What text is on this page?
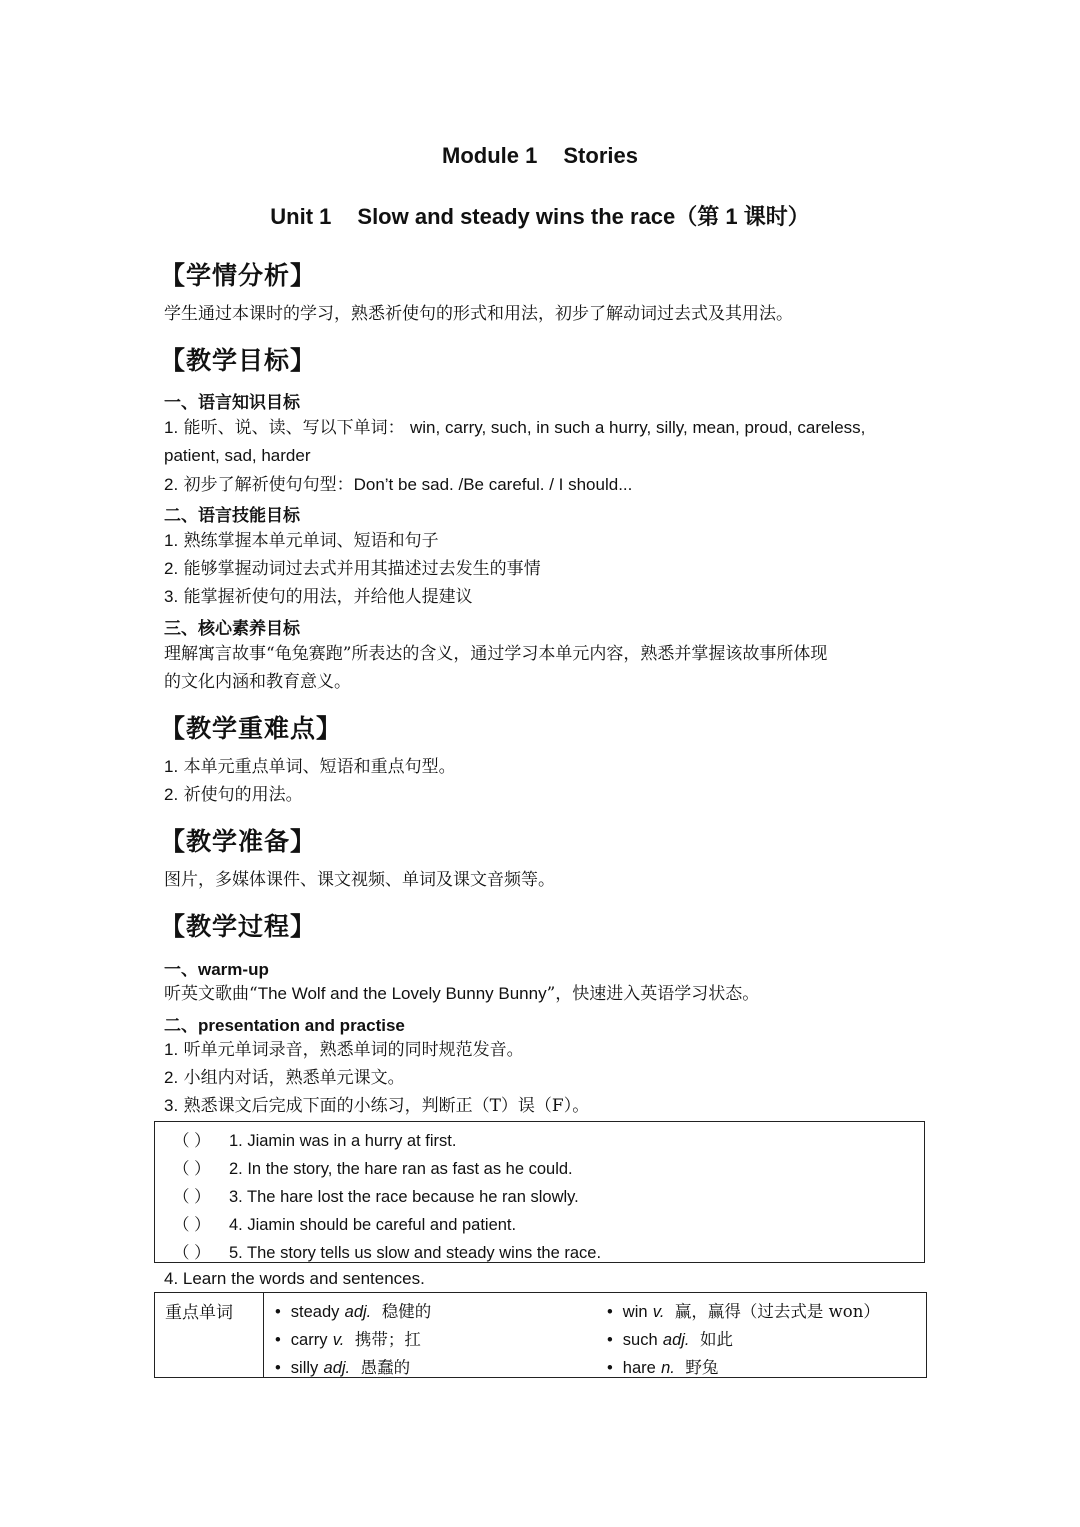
Module 1 Stories
Unit 1 Slow and steady wins the race（第 1 课时）
【学情分析】
学生通过本课时的学习，熟悉祈使句的形式和用法，初步了解动词过去式及其用法。
【教学目标】
一、语言知识目标
1. 能听、说、读、写以下单词： win, carry, such, in such a hurry, silly, mean, proud, careless,
patient, sad, harder
2. 初步了解祈使句句型：Don’t be sad. /Be careful. / I should...
二、语言技能目标
1. 熟练掌握本单元单词、短语和句子
2. 能够掌握动词过去式并用其描述过去发生的事情
3. 能掌握祈使句的用法，并给他人提建议
三、核心素养目标
理解寓言故事“龟兔赛跑”所表达的含义，通过学习本单元内容，熟悉并掌握该故事所体现
的文化内涵和教育意义。
【教学重难点】
1. 本单元重点单词、短语和重点句型。
2. 祈使句的用法。
【教学准备】
图片，多媒体课件、课文视频、单词及课文音频等。
【教学过程】
一、warm-up
听英文歌曲“The Wolf and the Lovely Bunny Bunny”，快速进入英语学习状态。
二、presentation and practise
1. 听单元单词录音，熟悉单词的同时规范发音。
2. 小组内对话，熟悉单元课文。
3. 熟悉课文后完成下面的小练习，判断正（T）误（F）。
（ ） 1. Jiamin was in a hurry at first.
（ ） 2. In the story, the hare ran as fast as he could.
（ ） 3. The hare lost the race because he ran slowly.
（ ） 4. Jiamin should be careful and patient.
（ ） 5. The story tells us slow and steady wins the race.
4. Learn the words and sentences.
重点单词	• steady adj. 稳健的	• win v. 赢，赢得（过去式是 won）
• carry v. 携带；扛	• such adj. 如此
• silly adj. 愚蠢的	• hare n. 野兔
